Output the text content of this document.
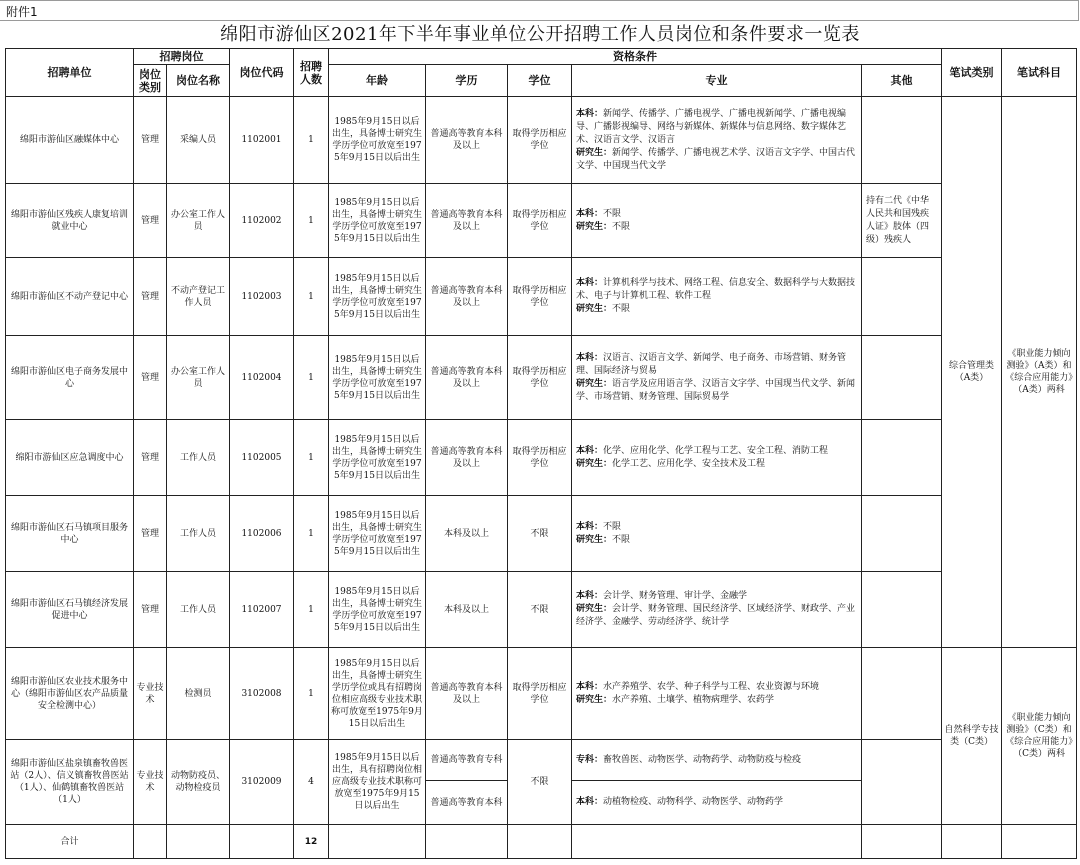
附件1
绵阳市游仙区2021年下半年事业单位公开招聘工作人员岗位和条件要求一览表
招聘单位	招聘岗位		岗位代码	招聘人数	资格条件					笔试类别	笔试科目
	岗位类别	岗位名称			年龄	学历	学位	专业	其他		
绵阳市游仙区融媒体中心	管理	采编人员	1102001	1	1985年9月15日以后出生，具备博士研究生学历学位可放宽至1975年9月15日以后出生	普通高等教育本科及以上	取得学历相应学位	本科：新闻学、传播学、广播电视学、广播电视新闻学、广播电视编导、广播影视编导、网络与新媒体、新媒体与信息网络、数字媒体艺术、汉语言文学、汉语言
研究生：新闻学、传播学、广播电视艺术学、汉语言文字学、中国古代文学、中国现当代文学		综合管理类（A类）	《职业能力倾向测验》（A类）和《综合应用能力》（A类）两科
绵阳市游仙区残疾人康复培训就业中心	管理	办公室工作人员	1102002	1	1985年9月15日以后出生，具备博士研究生学历学位可放宽至1975年9月15日以后出生	普通高等教育本科及以上	取得学历相应学位	本科：不限
研究生：不限	持有二代《中华人民共和国残疾人证》肢体（四级）残疾人		
绵阳市游仙区不动产登记中心	管理	不动产登记工作人员	1102003	1	1985年9月15日以后出生，具备博士研究生学历学位可放宽至1975年9月15日以后出生	普通高等教育本科及以上	取得学历相应学位	本科：计算机科学与技术、网络工程、信息安全、数据科学与大数据技术、电子与计算机工程、软件工程
研究生：不限			
绵阳市游仙区电子商务发展中心	管理	办公室工作人员	1102004	1	1985年9月15日以后出生，具备博士研究生学历学位可放宽至1975年9月15日以后出生	普通高等教育本科及以上	取得学历相应学位	本科：汉语言、汉语言文学、新闻学、电子商务、市场营销、财务管理、国际经济与贸易
研究生：语言学及应用语言学、汉语言文字学、中国现当代文学、新闻学、市场营销、财务管理、国际贸易学			
绵阳市游仙区应急调度中心	管理	工作人员	1102005	1	1985年9月15日以后出生，具备博士研究生学历学位可放宽至1975年9月15日以后出生	普通高等教育本科及以上	取得学历相应学位	本科：化学、应用化学、化学工程与工艺、安全工程、消防工程
研究生：化学工艺、应用化学、安全技术及工程			
绵阳市游仙区石马镇项目服务中心	管理	工作人员	1102006	1	1985年9月15日以后出生，具备博士研究生学历学位可放宽至1975年9月15日以后出生	本科及以上	不限	本科：不限
研究生：不限			
绵阳市游仙区石马镇经济发展促进中心	管理	工作人员	1102007	1	1985年9月15日以后出生，具备博士研究生学历学位可放宽至1975年9月15日以后出生	本科及以上	不限	本科：会计学、财务管理、审计学、金融学
研究生：会计学、财务管理、国民经济学、区域经济学、财政学、产业经济学、金融学、劳动经济学、统计学			
绵阳市游仙区农业技术服务中心（绵阳市游仙区农产品质量安全检测中心）	专业技术	检测员	3102008	1	1985年9月15日以后出生，具备博士研究生学历学位或具有招聘岗位相应高级专业技术职称可放宽至1975年9月15日以后出生	普通高等教育本科及以上	取得学历相应学位	本科：水产养殖学、农学、种子科学与工程、农业资源与环境
研究生：水产养殖、土壤学、植物病理学、农药学		自然科学专技类（C类）	《职业能力倾向测验》（C类）和《综合应用能力》（C类）两科
绵阳市游仙区盐泉镇畜牧兽医站（2人）、信义镇畜牧兽医站（1人）、仙鹤镇畜牧兽医站（1人）	专业技术	动物防疫员、动物检疫员	3102009	4	1985年9月15日以后出生，具有招聘岗位相应高级专业技术职称可放宽至1975年9月15日以后出生	普通高等教育专科	不限	专科：畜牧兽医、动物医学、动物药学、动物防疫与检疫			
						普通高等教育本科		本科：动植物检疫、动物科学、动物医学、动物药学			
合计				12							
